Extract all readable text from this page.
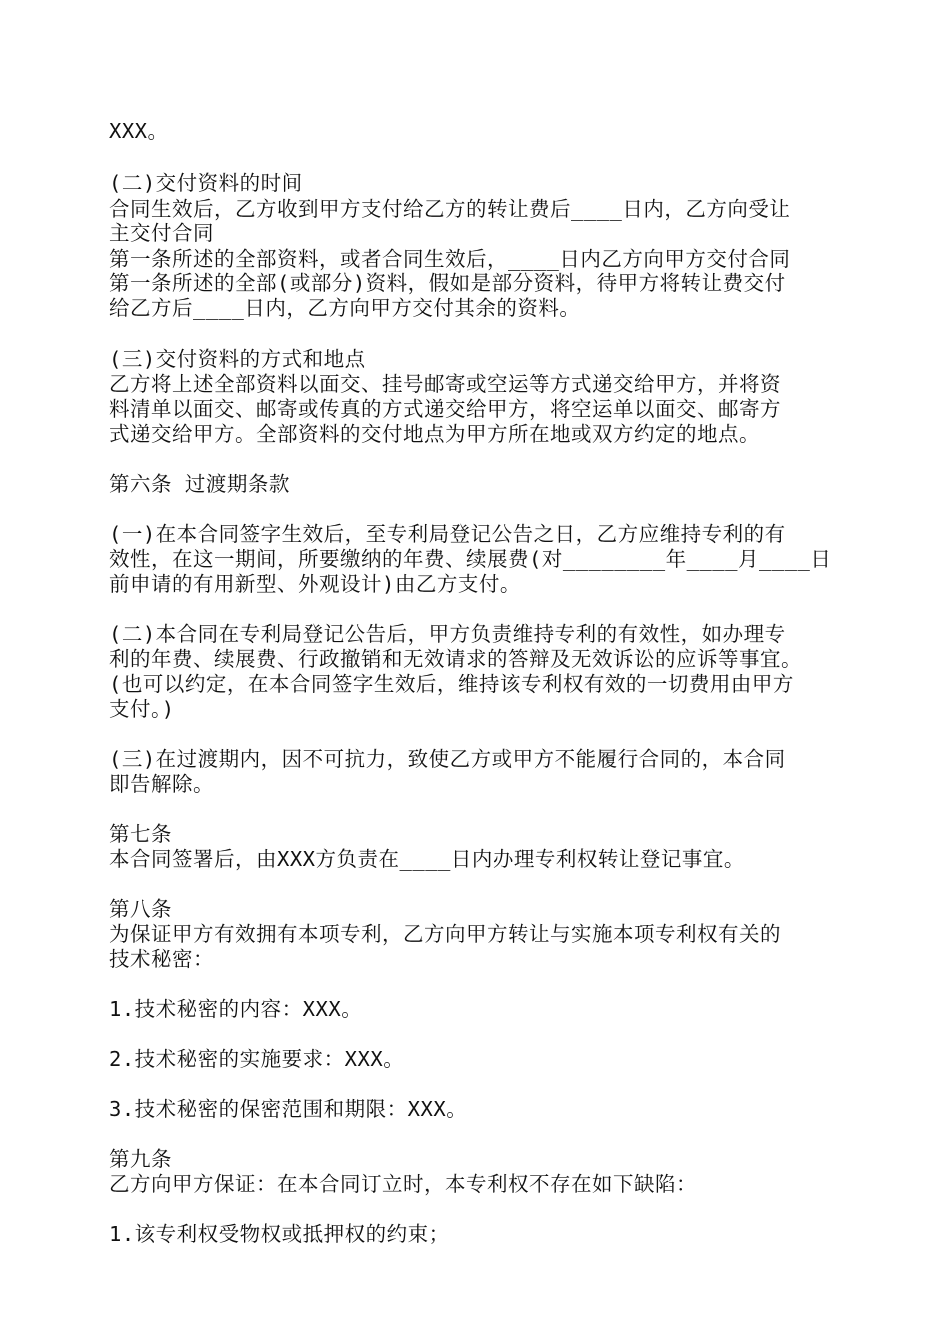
XXX。
(二)交付资料的时间
合同生效后，乙方收到甲方支付给乙方的转让费后____日内，乙方向受让
主交付合同
第一条所述的全部资料，或者合同生效后，____日内乙方向甲方交付合同
第一条所述的全部(或部分)资料，假如是部分资料，待甲方将转让费交付
给乙方后____日内，乙方向甲方交付其余的资料。
(三)交付资料的方式和地点
乙方将上述全部资料以面交、挂号邮寄或空运等方式递交给甲方，并将资
料清单以面交、邮寄或传真的方式递交给甲方，将空运单以面交、邮寄方
式递交给甲方。全部资料的交付地点为甲方所在地或双方约定的地点。
第六条 过渡期条款
(一)在本合同签字生效后，至专利局登记公告之日，乙方应维持专利的有
效性，在这一期间，所要缴纳的年费、续展费(对________年____月____日
前申请的有用新型、外观设计)由乙方支付。
(二)本合同在专利局登记公告后，甲方负责维持专利的有效性，如办理专
利的年费、续展费、行政撤销和无效请求的答辩及无效诉讼的应诉等事宜。
(也可以约定，在本合同签字生效后，维持该专利权有效的一切费用由甲方
支付。)
(三)在过渡期内，因不可抗力，致使乙方或甲方不能履行合同的，本合同
即告解除。
第七条
本合同签署后，由XXX方负责在____日内办理专利权转让登记事宜。
第八条
为保证甲方有效拥有本项专利，乙方向甲方转让与实施本项专利权有关的
技术秘密：
1.技术秘密的内容：XXX。
2.技术秘密的实施要求：XXX。
3.技术秘密的保密范围和期限：XXX。
第九条
乙方向甲方保证：在本合同订立时，本专利权不存在如下缺陷：
1.该专利权受物权或抵押权的约束；
